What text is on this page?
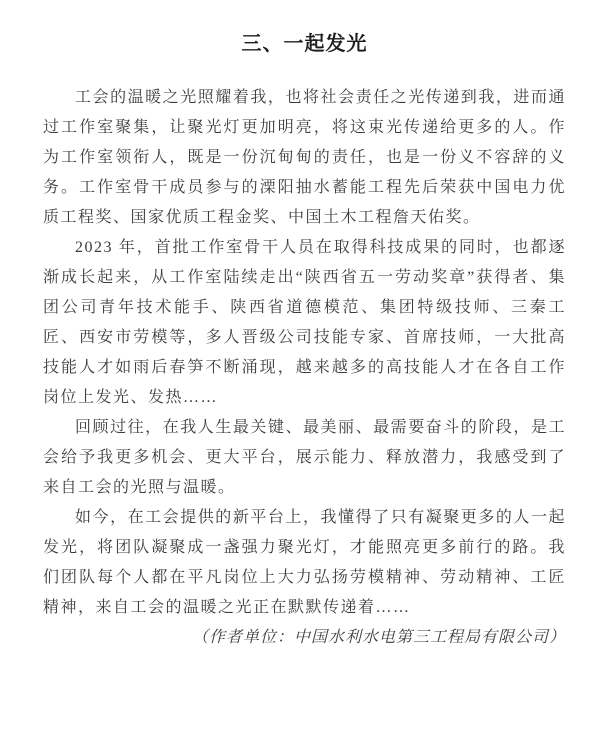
三、一起发光

工会的温暖之光照耀着我，也将社会责任之光传递到我，进而通过工作室聚集，让聚光灯更加明亮，将这束光传递给更多的人。作为工作室领衔人，既是一份沉甸甸的责任，也是一份义不容辞的义务。工作室骨干成员参与的溧阳抽水蓄能工程先后荣获中国电力优质工程奖、国家优质工程金奖、中国土木工程詹天佑奖。

2023 年，首批工作室骨干人员在取得科技成果的同时，也都逐渐成长起来，从工作室陆续走出“陕西省五一劳动奖章”获得者、集团公司青年技术能手、陕西省道德模范、集团特级技师、三秦工匠、西安市劳模等，多人晋级公司技能专家、首席技师，一大批高技能人才如雨后春笋不断涌现，越来越多的高技能人才在各自工作岗位上发光、发热……

回顾过往，在我人生最关键、最美丽、最需要奋斗的阶段，是工会给予我更多机会、更大平台，展示能力、释放潜力，我感受到了来自工会的光照与温暖。

如今，在工会提供的新平台上，我懂得了只有凝聚更多的人一起发光，将团队凝聚成一盏强力聚光灯，才能照亮更多前行的路。我们团队每个人都在平凡岗位上大力弘扬劳模精神、劳动精神、工匠精神，来自工会的温暖之光正在默默传递着……

（作者单位：中国水利水电第三工程局有限公司）
